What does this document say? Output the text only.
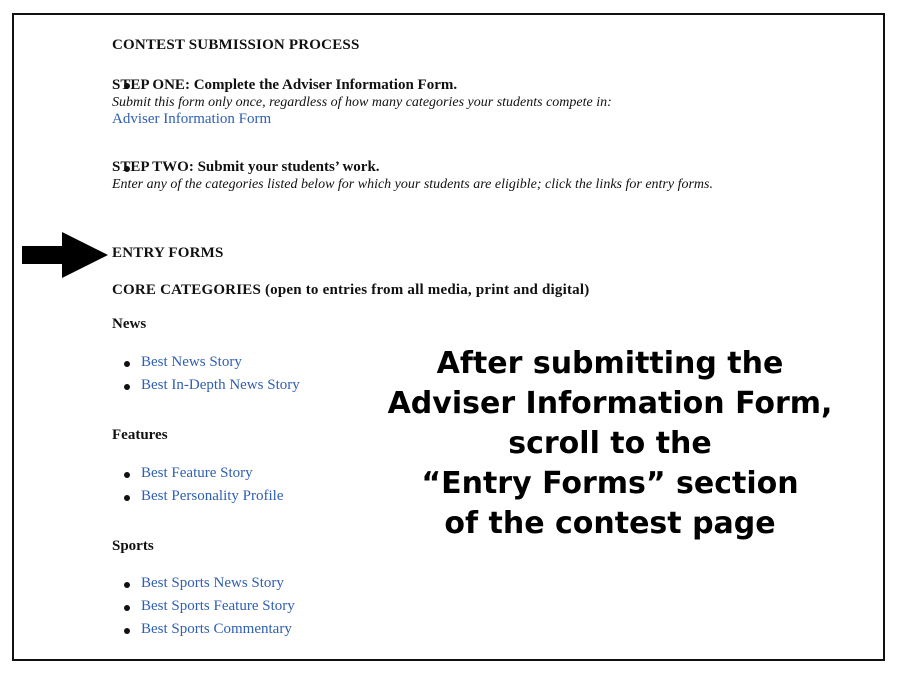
CONTEST SUBMISSION PROCESS
STEP ONE: Complete the Adviser Information Form.
Submit this form only once, regardless of how many categories your students compete in:
Adviser Information Form
STEP TWO: Submit your students’ work.
Enter any of the categories listed below for which your students are eligible; click the links for entry forms.
ENTRY FORMS
CORE CATEGORIES (open to entries from all media, print and digital)
News
Best News Story
Best In-Depth News Story
Features
Best Feature Story
Best Personality Profile
Sports
Best Sports News Story
Best Sports Feature Story
Best Sports Commentary
After submitting the
Adviser Information Form,
scroll to the
“Entry Forms” section
of the contest page
